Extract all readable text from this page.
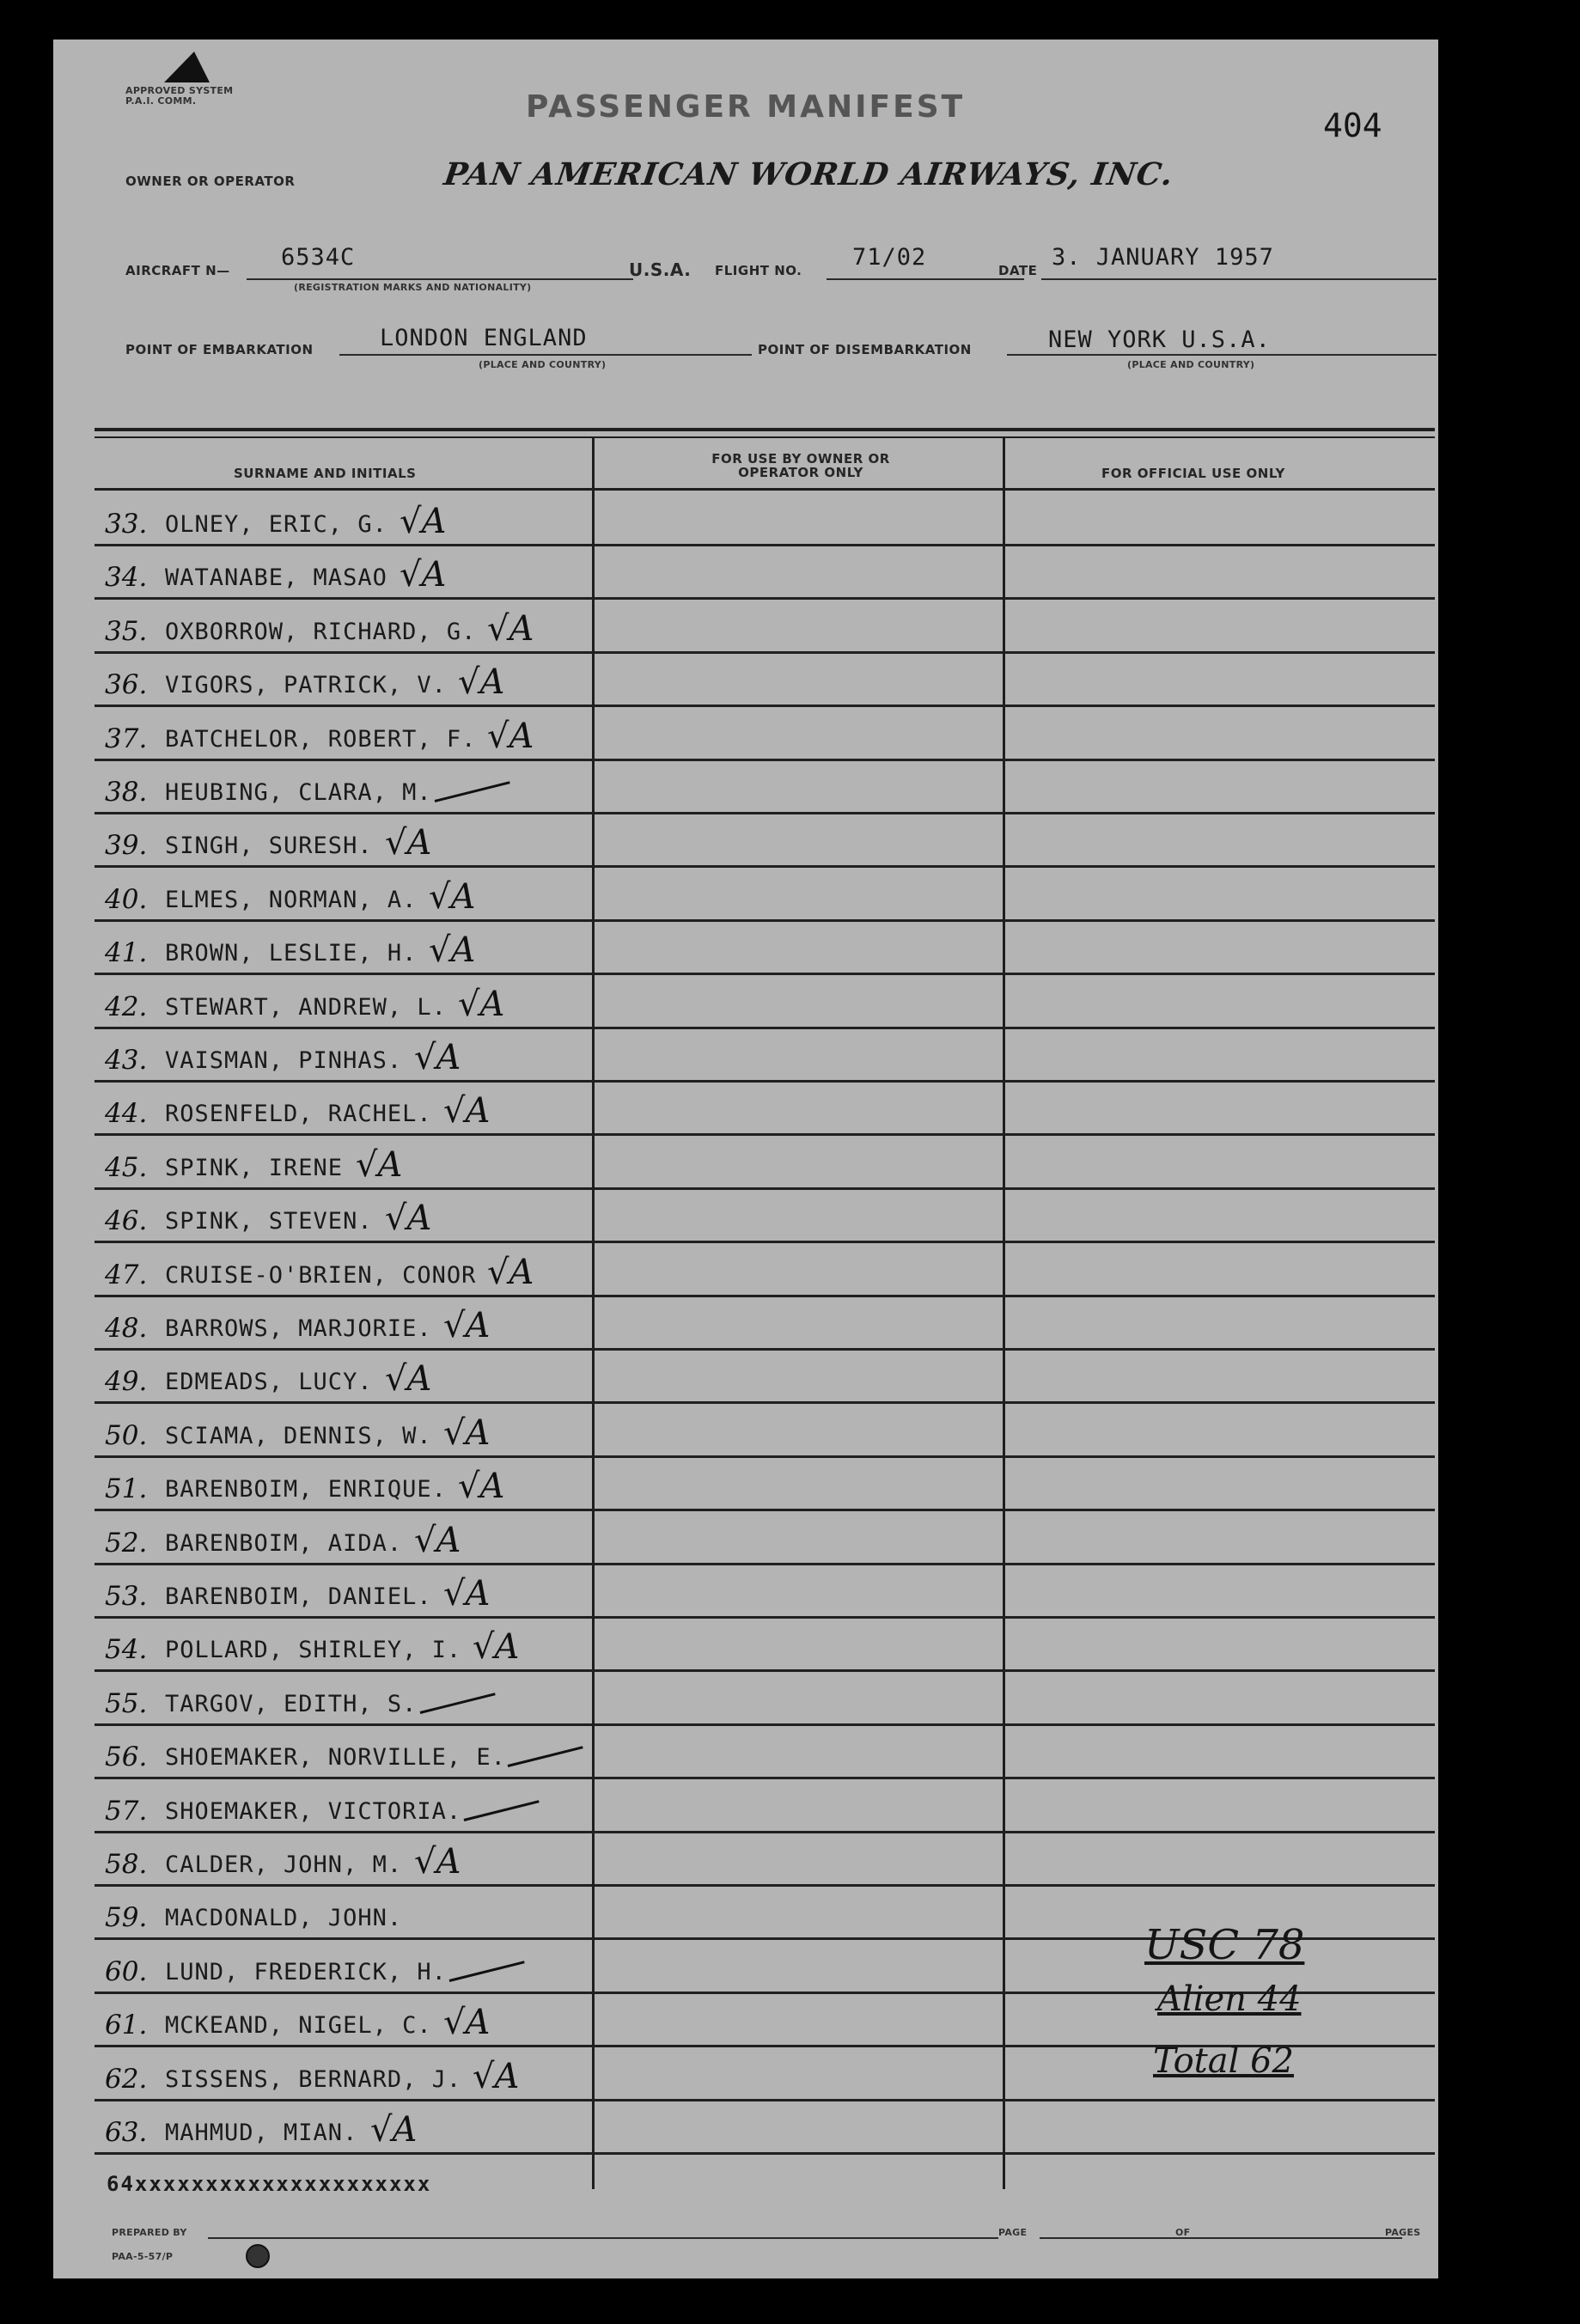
APPROVED SYSTEM P.A.I. COMM.	PASSENGER MANIFEST	404
OWNER OR OPERATOR	PAN AMERICAN WORLD AIRWAYS, INC.
AIRCRAFT N— 6534C
(REGISTRATION MARKS AND NATIONALITY)
U.S.A. FLIGHT NO. 71/02	DATE 3. JANUARY 1957
POINT OF EMBARKATION	LONDON ENGLAND
(PLACE AND COUNTRY)
POINT OF DISEMBARKATION	NEW YORK U.S.A.
(PLACE AND COUNTRY)
SURNAME AND INITIALS
FOR USE BY OWNER OR OPERATOR ONLY	FOR OFFICIAL USE ONLY
33. OLNEY, ERIC, G. √A
34. WATANABE, MASAO √A
35. OXBORROW, RICHARD, G. √A
36. VIGORS, PATRICK, V. √A
37. BATCHELOR, ROBERT, F. √A
38. HEUBING, CLARA, M.
39. SINGH, SURESH. √A
40. ELMES, NORMAN, A. √A
41. BROWN, LESLIE, H. √A
42. STEWART, ANDREW, L. √A
43. VAISMAN, PINHAS. √A
44. ROSENFELD, RACHEL. √A
45. SPINK, IRENE √A
46. SPINK, STEVEN. √A
47. CRUISE-O'BRIEN, CONOR √A
48. BARROWS, MARJORIE. √A
49. EDMEADS, LUCY. √A
50. SCIAMA, DENNIS, W. √A
51. BARENBOIM, ENRIQUE. √A
52. BARENBOIM, AIDA. √A
53. BARENBOIM, DANIEL. √A
54. POLLARD, SHIRLEY, I. √A
55. TARGOV, EDITH, S.
56. SHOEMAKER, NORVILLE, E.
57. SHOEMAKER, VICTORIA.
58. CALDER, JOHN, M. √A
59. MACDONALD, JOHN.
60. LUND, FREDERICK, H.
61. MCKEAND, NIGEL, C. √A
62. SISSENS, BERNARD, J. √A
63. MAHMUD, MIAN. √A
64xxxxxxxxxxxxxxxxxxxxx
USC 78
Alien 44
Total 62
PREPARED BY	PAGE	OF	PAGES
PAA-5-57/P
